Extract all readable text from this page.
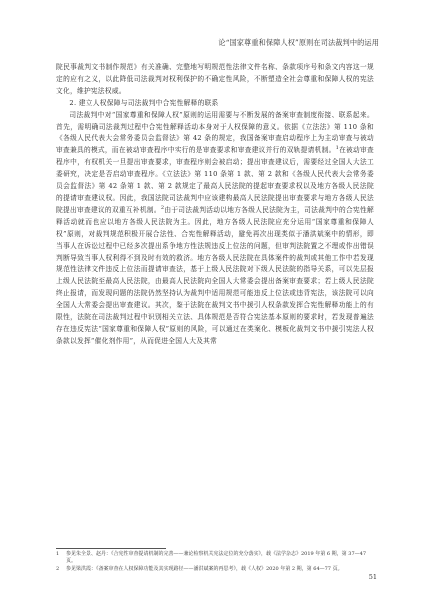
论“国家尊重和保障人权”原则在司法裁判中的运用

院民事裁判文书制作规范》有关准确、完整地写明规范性法律文件名称、条款项序号和条文内容这一规定的应有之义，以此降低司法裁判对权利保护的不确定性风险，不断塑造全社会尊重和保障人权的宪法文化，维护宪法权威。

2. 建立人权保障与司法裁判中合宪性解释的联系

司法裁判中对“国家尊重和保障人权”原则的运用需要与不断发展的备案审查制度衔接、联系起来。首先，需明确司法裁判过程中合宪性解释活动本身对于人权保障的意义。依据《立法法》第 110 条和《各级人民代表大会常务委员会监督法》第 42 条的规定，我国备案审查启动程序上为主动审查与被动审查兼具的模式，而在被动审查程序中实行的是审查要求和审查建议并行的双轨提请机制。$^1$在被动审查程序中，有权机关一旦提出审查要求，审查程序则会被启动；提出审查建议后，需要经过全国人大法工委研究，决定是否启动审查程序。《立法法》第 110 条第 1 款、第 2 款和《各级人民代表大会常务委员会监督法》第 42 条第 1 款、第 2 款规定了最高人民法院的提起审查要求权以及地方各级人民法院的提请审查建议权。因此，我国法院司法裁判中应该建构最高人民法院提出审查要求与地方各级人民法院提出审查建议的双重互补机制。$^2$由于司法裁判活动以地方各级人民法院为主，司法裁判中的合宪性解释活动就而也应以地方各级人民法院为主。因此，地方各级人民法院应充分运用“国家尊重和保障人权”原则，对裁判规范积极开展合法性、合宪性解释活动，避免再次出现类似于潘洪斌案中的情形，即当事人在诉讼过程中已经多次提出系争地方性法规违反上位法的问题，但审判法院置之不理或作出错误判断导致当事人权利得不到及时有效的救济。地方各级人民法院在具体案件的裁判或其他工作中若发现规范性法律文件违反上位法而提请审查法，基于上级人民法院对下级人民法院的指导关系，可以先层报上级人民法院至最高人民法院，由最高人民法院向全国人大常委会提出备案审查要求；若上级人民法院终止报请，而发现问题的法院仍然坚持认为裁判中适用规范可能违反上位法或违背宪法，该法院可以向全国人大常委会提出审查建议。其次，鉴于法院在裁判文书中援引人权条款发挥合宪性解释功能上的有限性，法院在司法裁判过程中识别相关立法、具体规范是否符合宪法基本原则的要求时，若发现普遍法存在违反宪法“国家尊重和保障人权”原则的风险，可以通过在类案化、模板化裁判文书中援引宪法人权条款以发挥“催化剂作用”，从而促进全国人大及其常

1	参见朱全景、赵丹：《合宪性审查提请机制的完善——兼论检察机关宪法定位的充分落实》，载《法学杂志》2019 年第 6 期，第 37—47 页。
2	参见梁洪霞：《备案审查在人权保障功能及其实现路径——潘洪斌案的再思考》，载《人权》2020 年第 2 期，第 64—77 页。
51
